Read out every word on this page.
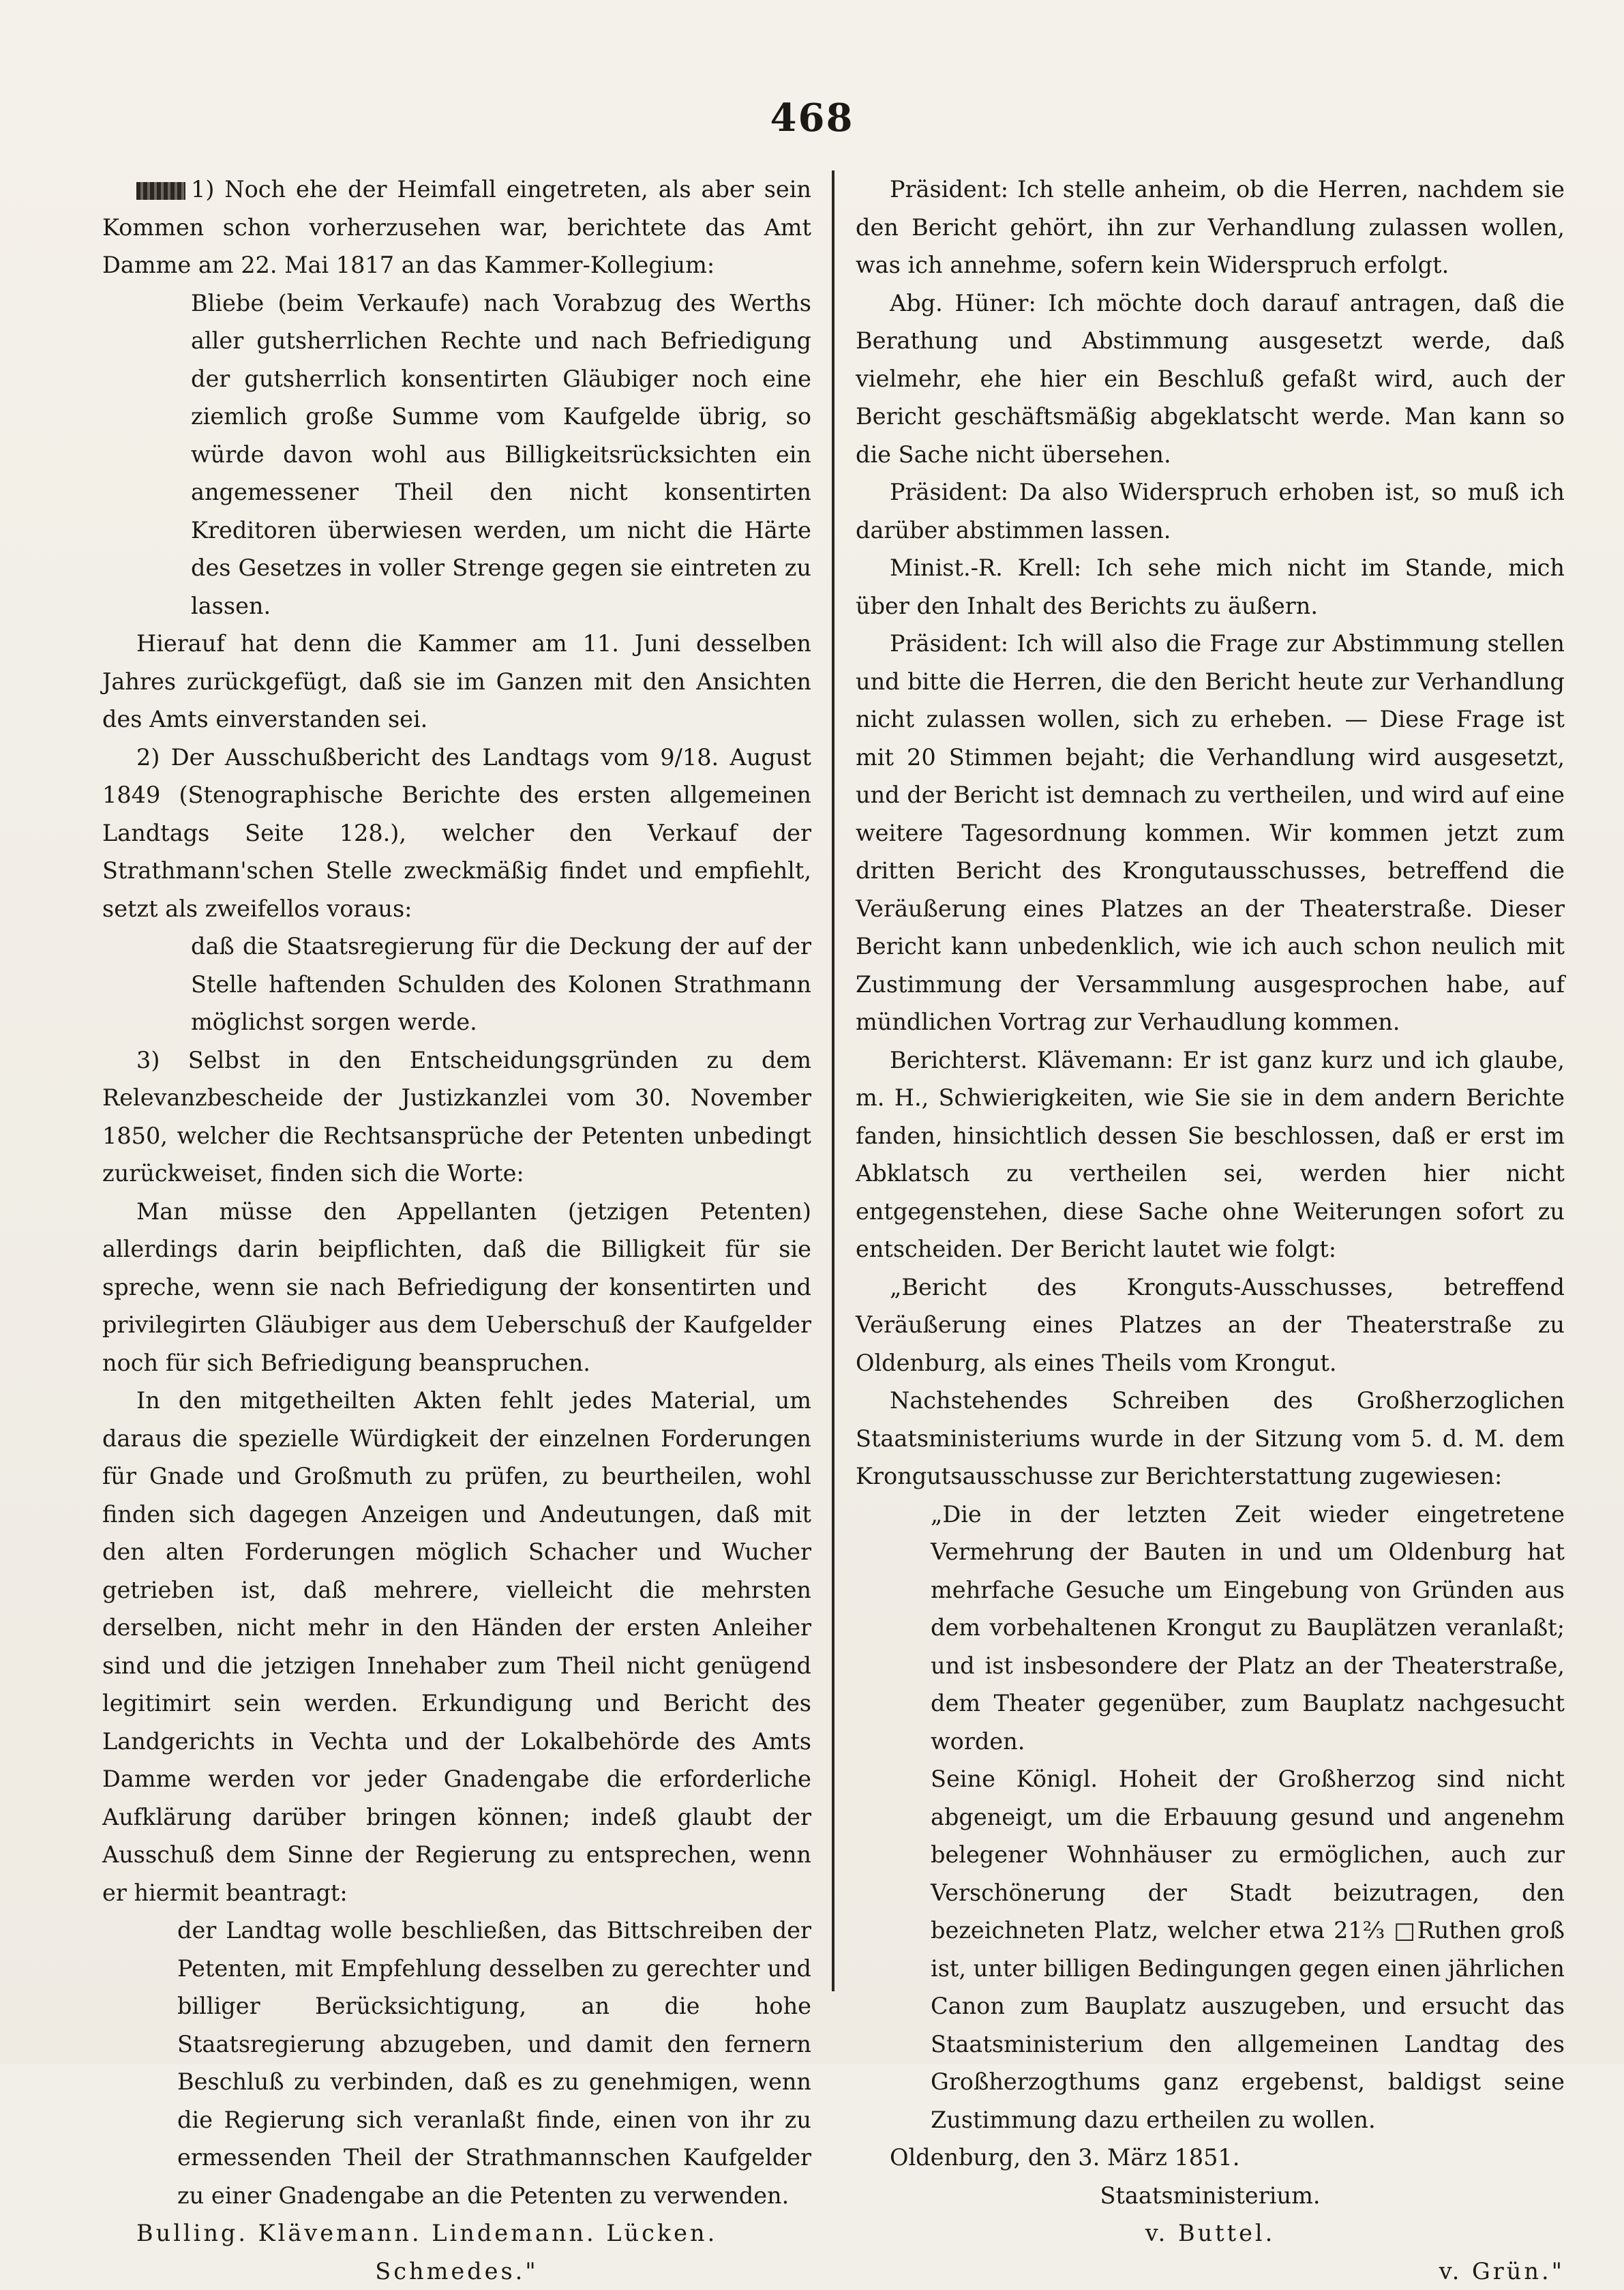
468

1) Noch ehe der Heimfall eingetreten, als aber sein Kommen schon vorherzusehen war, berichtete das Amt Damme am 22. Mai 1817 an das Kammer-Kollegium:

Bliebe (beim Verkaufe) nach Vorabzug des Werths aller gutsherrlichen Rechte und nach Befriedigung der gutsherrlich konsentirten Gläubiger noch eine ziemlich große Summe vom Kaufgelde übrig, so würde davon wohl aus Billigkeitsrücksichten ein angemessener Theil den nicht konsentirten Kreditoren überwiesen werden, um nicht die Härte des Gesetzes in voller Strenge gegen sie eintreten zu lassen.

Hierauf hat denn die Kammer am 11. Juni desselben Jahres zurückgefügt, daß sie im Ganzen mit den Ansichten des Amts einverstanden sei.

2) Der Ausschußbericht des Landtags vom 9/18. August 1849 (Stenographische Berichte des ersten allgemeinen Landtags Seite 128.), welcher den Verkauf der Strathmann'schen Stelle zweckmäßig findet und empfiehlt, setzt als zweifellos voraus:

daß die Staatsregierung für die Deckung der auf der Stelle haftenden Schulden des Kolonen Strathmann möglichst sorgen werde.

3) Selbst in den Entscheidungsgründen zu dem Relevanzbescheide der Justizkanzlei vom 30. November 1850, welcher die Rechtsansprüche der Petenten unbedingt zurückweiset, finden sich die Worte:

Man müsse den Appellanten (jetzigen Petenten) allerdings darin beipflichten, daß die Billigkeit für sie spreche, wenn sie nach Befriedigung der konsentirten und privilegirten Gläubiger aus dem Ueberschuß der Kaufgelder noch für sich Befriedigung beanspruchen.

In den mitgetheilten Akten fehlt jedes Material, um daraus die spezielle Würdigkeit der einzelnen Forderungen für Gnade und Großmuth zu prüfen, zu beurtheilen, wohl finden sich dagegen Anzeigen und Andeutungen, daß mit den alten Forderungen möglich Schacher und Wucher getrieben ist, daß mehrere, vielleicht die mehrsten derselben, nicht mehr in den Händen der ersten Anleiher sind und die jetzigen Innehaber zum Theil nicht genügend legitimirt sein werden. Erkundigung und Bericht des Landgerichts in Vechta und der Lokalbehörde des Amts Damme werden vor jeder Gnadengabe die erforderliche Aufklärung darüber bringen können; indeß glaubt der Ausschuß dem Sinne der Regierung zu entsprechen, wenn er hiermit beantragt:

der Landtag wolle beschließen, das Bittschreiben der Petenten, mit Empfehlung desselben zu gerechter und billiger Berücksichtigung, an die hohe Staatsregierung abzugeben, und damit den fernern Beschluß zu verbinden, daß es zu genehmigen, wenn die Regierung sich veranlaßt finde, einen von ihr zu ermessenden Theil der Strathmannschen Kaufgelder zu einer Gnadengabe an die Petenten zu verwenden.

Bulling. Klävemann. Lindemann. Lücken.

Schmedes."

Präsident: Ich stelle anheim, ob die Herren, nachdem sie den Bericht gehört, ihn zur Verhandlung zulassen wollen, was ich annehme, sofern kein Widerspruch erfolgt.

Abg. Hüner: Ich möchte doch darauf antragen, daß die Berathung und Abstimmung ausgesetzt werde, daß vielmehr, ehe hier ein Beschluß gefaßt wird, auch der Bericht geschäftsmäßig abgeklatscht werde. Man kann so die Sache nicht übersehen.

Präsident: Da also Widerspruch erhoben ist, so muß ich darüber abstimmen lassen.

Minist.-R. Krell: Ich sehe mich nicht im Stande, mich über den Inhalt des Berichts zu äußern.

Präsident: Ich will also die Frage zur Abstimmung stellen und bitte die Herren, die den Bericht heute zur Verhandlung nicht zulassen wollen, sich zu erheben. — Diese Frage ist mit 20 Stimmen bejaht; die Verhandlung wird ausgesetzt, und der Bericht ist demnach zu vertheilen, und wird auf eine weitere Tagesordnung kommen. Wir kommen jetzt zum dritten Bericht des Krongutausschusses, betreffend die Veräußerung eines Platzes an der Theaterstraße. Dieser Bericht kann unbedenklich, wie ich auch schon neulich mit Zustimmung der Versammlung ausgesprochen habe, auf mündlichen Vortrag zur Verhaudlung kommen.

Berichterst. Klävemann: Er ist ganz kurz und ich glaube, m. H., Schwierigkeiten, wie Sie sie in dem andern Berichte fanden, hinsichtlich dessen Sie beschlossen, daß er erst im Abklatsch zu vertheilen sei, werden hier nicht entgegenstehen, diese Sache ohne Weiterungen sofort zu entscheiden. Der Bericht lautet wie folgt:

„Bericht des Kronguts-Ausschusses, betreffend Veräußerung eines Platzes an der Theaterstraße zu Oldenburg, als eines Theils vom Krongut.

Nachstehendes Schreiben des Großherzoglichen Staatsministeriums wurde in der Sitzung vom 5. d. M. dem Krongutsausschusse zur Berichterstattung zugewiesen:

„Die in der letzten Zeit wieder eingetretene Vermehrung der Bauten in und um Oldenburg hat mehrfache Gesuche um Eingebung von Gründen aus dem vorbehaltenen Krongut zu Bauplätzen veranlaßt; und ist insbesondere der Platz an der Theaterstraße, dem Theater gegenüber, zum Bauplatz nachgesucht worden.

Seine Königl. Hoheit der Großherzog sind nicht abgeneigt, um die Erbauung gesund und angenehm belegener Wohnhäuser zu ermöglichen, auch zur Verschönerung der Stadt beizutragen, den bezeichneten Platz, welcher etwa 21⅔ □Ruthen groß ist, unter billigen Bedingungen gegen einen jährlichen Canon zum Bauplatz auszugeben, und ersucht das Staatsministerium den allgemeinen Landtag des Großherzogthums ganz ergebenst, baldigst seine Zustimmung dazu ertheilen zu wollen.

Oldenburg, den 3. März 1851.

Staatsministerium.

v. Buttel.

v. Grün."
